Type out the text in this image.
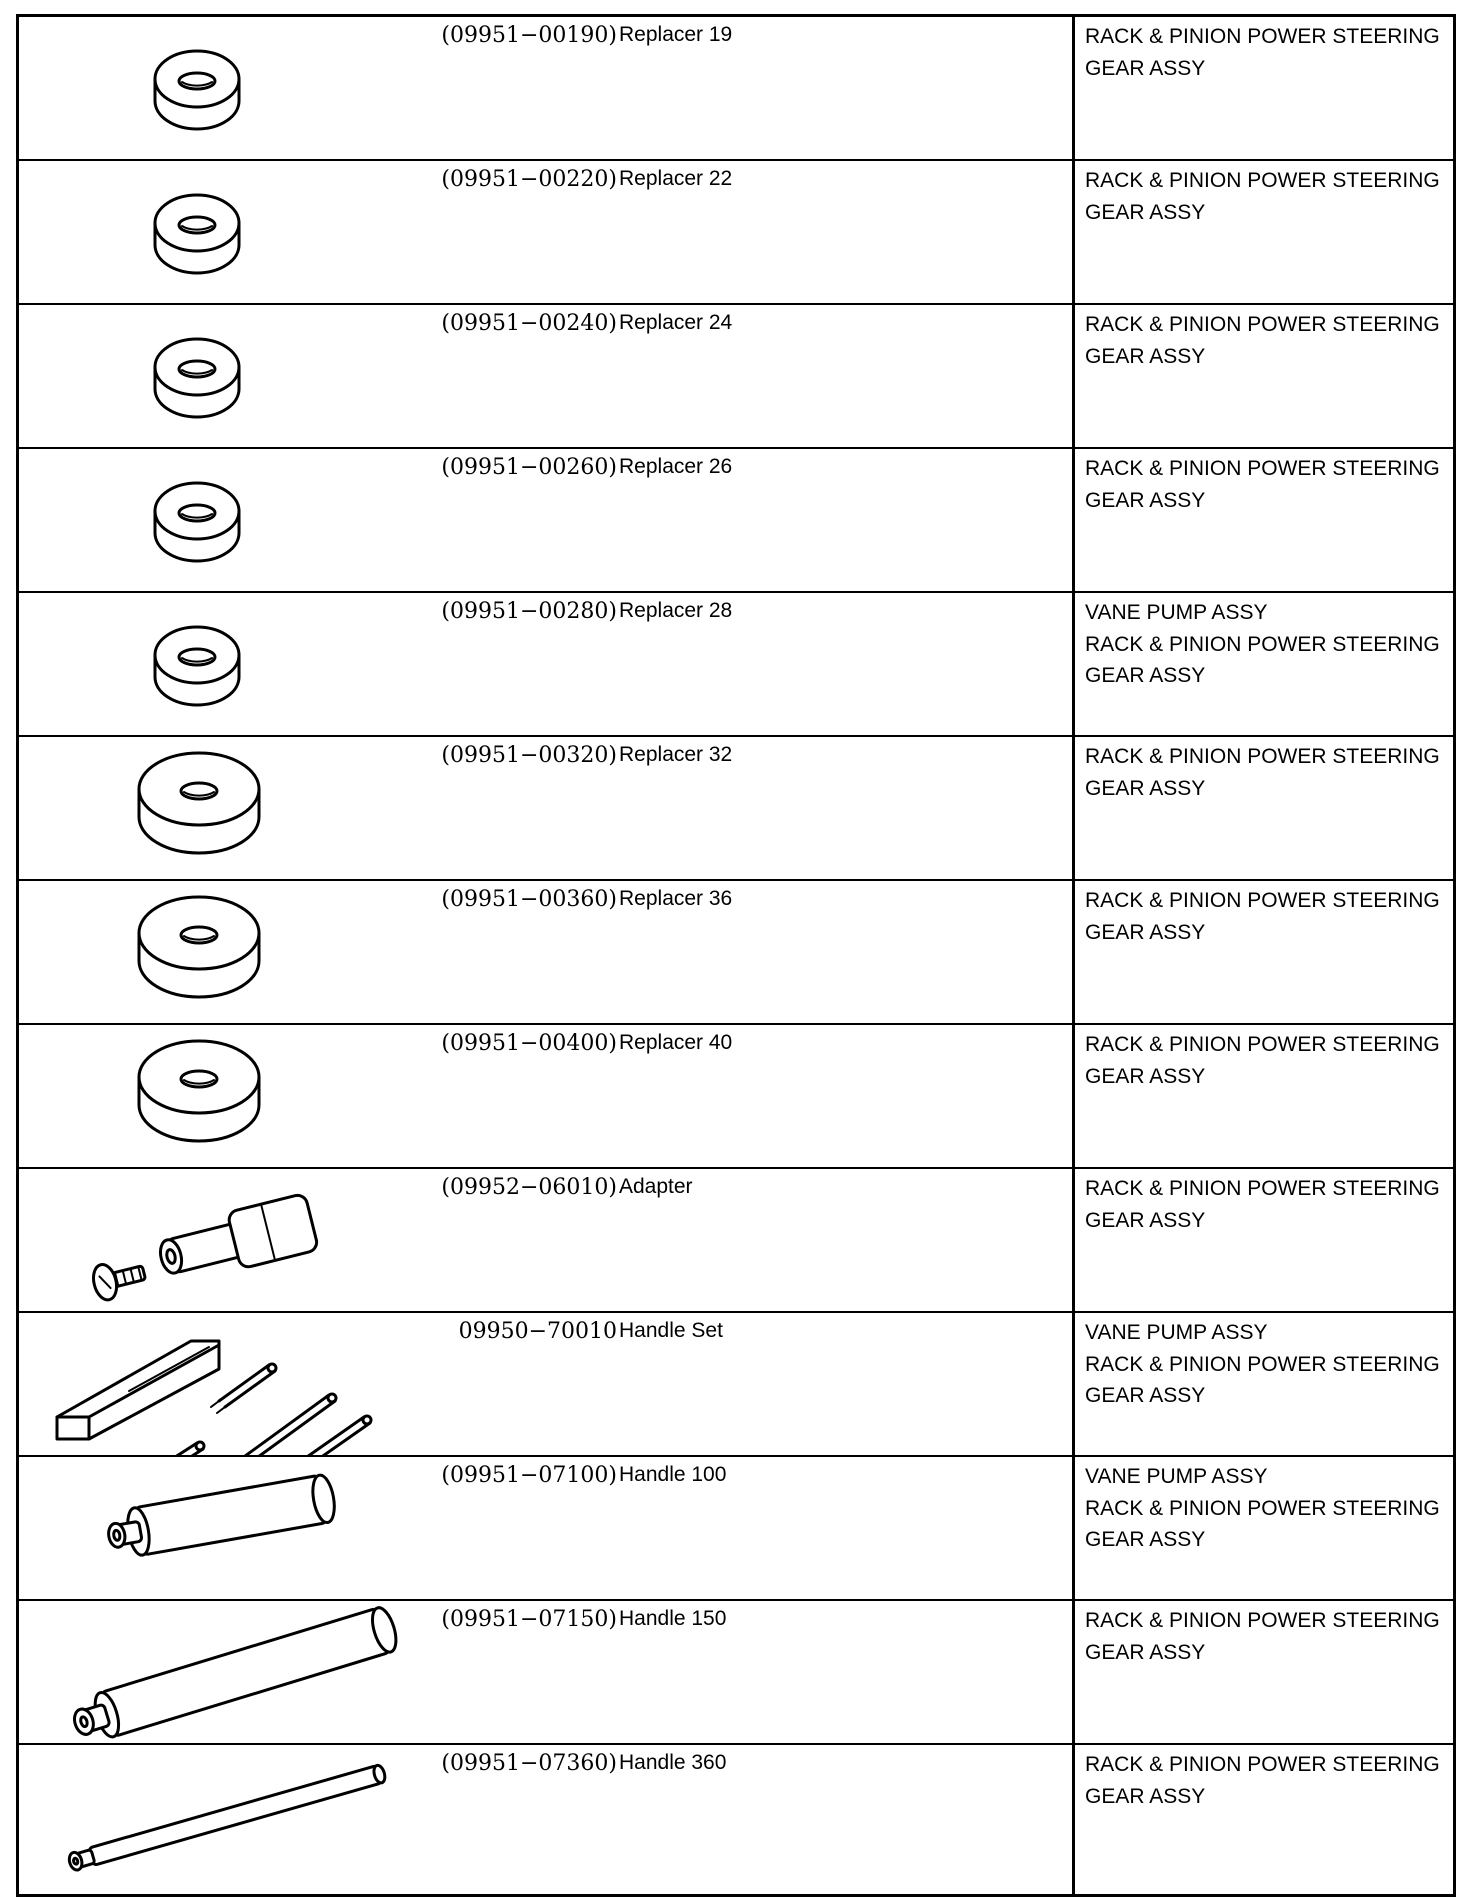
(09951−00190) Replacer 19	RACK & PINION POWER STEERING
GEAR ASSY
(09951−00220) Replacer 22	RACK & PINION POWER STEERING
GEAR ASSY
(09951−00240) Replacer 24	RACK & PINION POWER STEERING
GEAR ASSY
(09951−00260) Replacer 26	RACK & PINION POWER STEERING
GEAR ASSY
(09951−00280) Replacer 28	VANE PUMP ASSY
RACK & PINION POWER STEERING
GEAR ASSY
(09951−00320) Replacer 32	RACK & PINION POWER STEERING
GEAR ASSY
(09951−00360) Replacer 36	RACK & PINION POWER STEERING
GEAR ASSY
(09951−00400) Replacer 40	RACK & PINION POWER STEERING
GEAR ASSY
(09952−06010) Adapter	RACK & PINION POWER STEERING
GEAR ASSY
09950−70010 Handle Set	VANE PUMP ASSY
RACK & PINION POWER STEERING
GEAR ASSY
(09951−07100) Handle 100	VANE PUMP ASSY
RACK & PINION POWER STEERING
GEAR ASSY
(09951−07150) Handle 150	RACK & PINION POWER STEERING
GEAR ASSY
(09951−07360) Handle 360	RACK & PINION POWER STEERING
GEAR ASSY
